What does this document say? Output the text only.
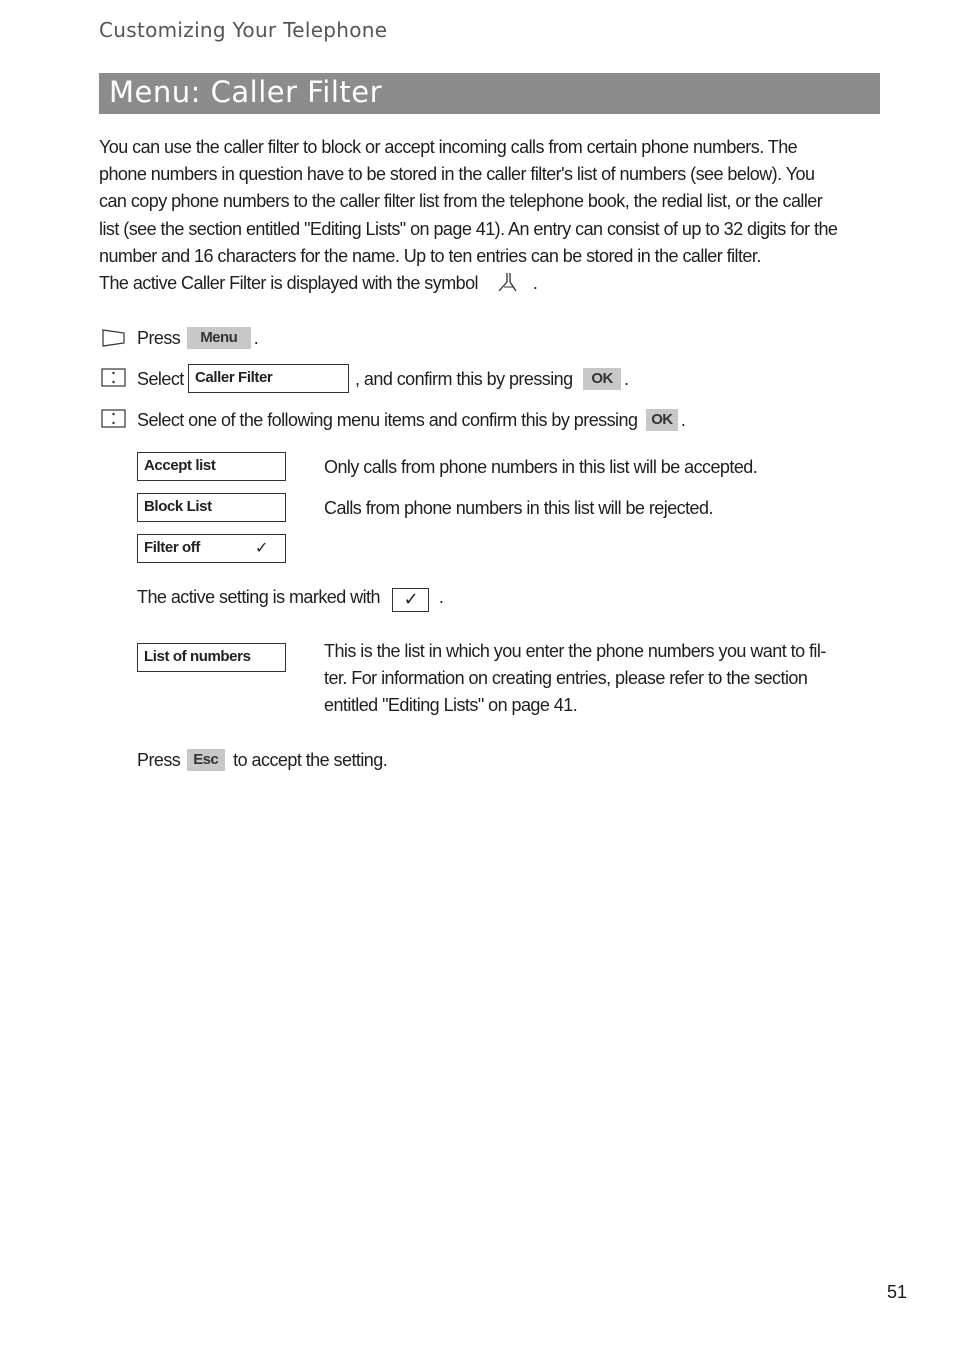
Customizing Your Telephone
Menu: Caller Filter
You can use the caller filter to block or accept incoming calls from certain phone numbers. The
phone numbers in question have to be stored in the caller filter's list of numbers (see below). You
can copy phone numbers to the caller filter list from the telephone book, the redial list, or the caller
list (see the section entitled "Editing Lists" on page 41). An entry can consist of up to 32 digits for the
number and 16 characters for the name. Up to ten entries can be stored in the caller filter.
The active Caller Filter is displayed with the symbol	.
Press Menu .
Select Caller Filter	, and confirm this by pressing OK .
Select one of the following menu items and confirm this by pressing OK .
Accept list	Only calls from phone numbers in this list will be accepted.
Block List	Calls from phone numbers in this list will be rejected.
Filter off	✓
The active setting is marked with ✓ .
List of numbers	This is the list in which you enter the phone numbers you want to fil-
ter. For information on creating entries, please refer to the section
entitled "Editing Lists" on page 41.
Press Esc to accept the setting.
51
